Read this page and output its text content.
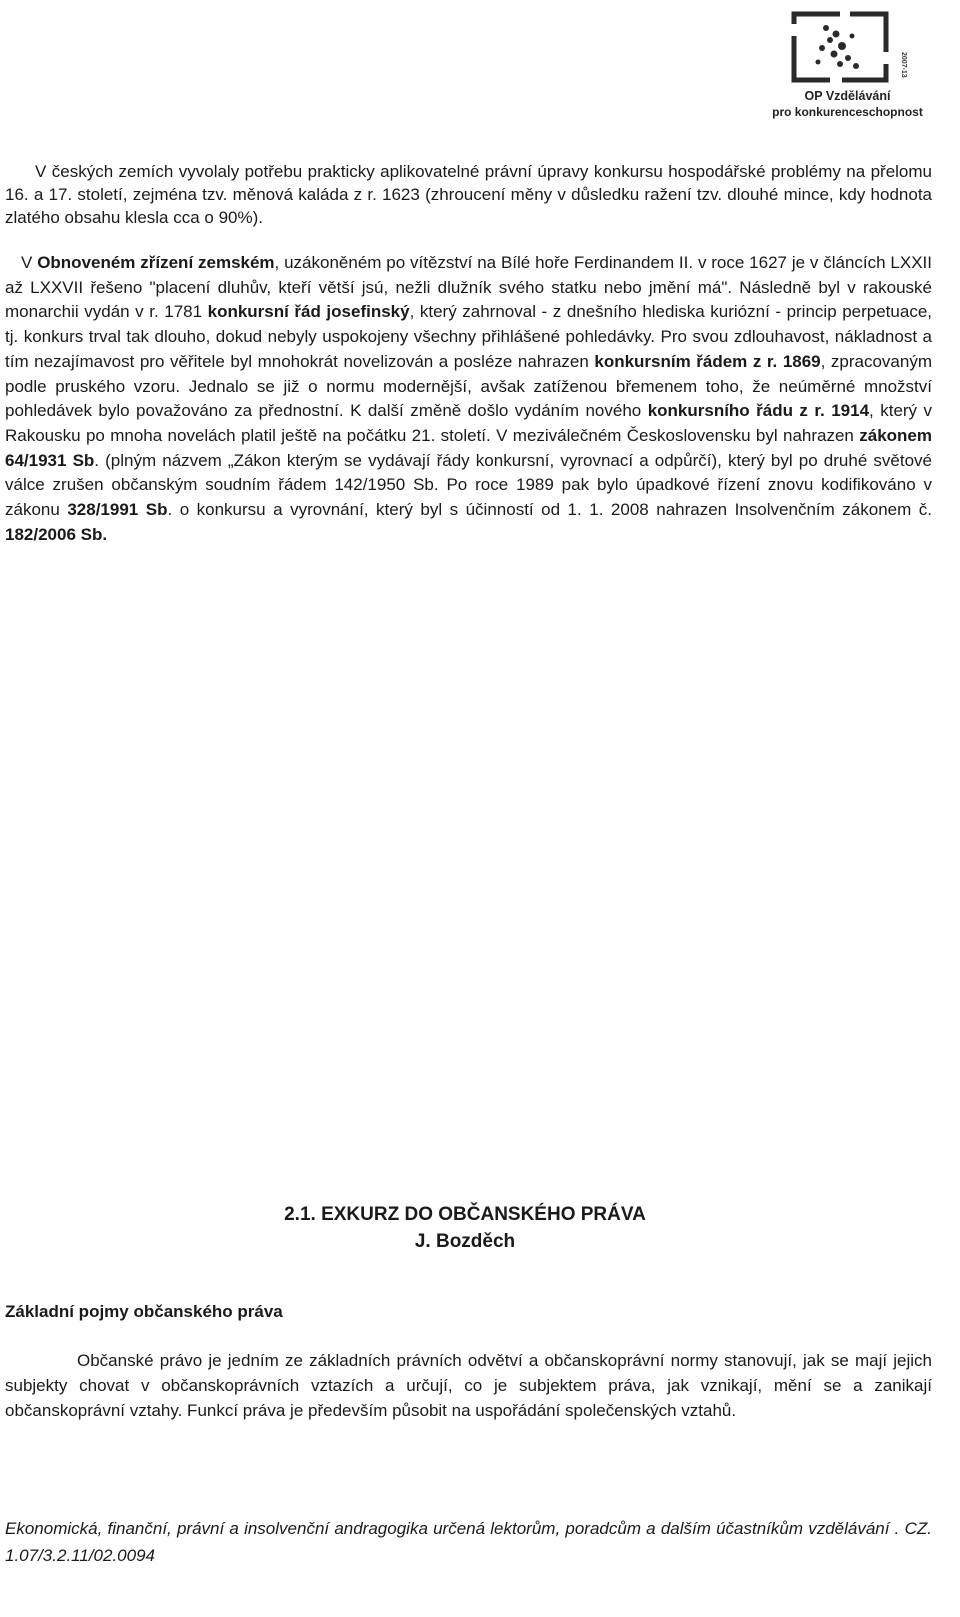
2007-13
OP Vzdělávání
pro konkurenceschopnost

V českých zemích vyvolaly potřebu prakticky aplikovatelné právní úpravy konkursu hospodářské problémy na přelomu 16. a 17. století, zejména tzv. měnová kaláda z r. 1623 (zhroucení měny v důsledku ražení tzv. dlouhé mince, kdy hodnota zlatého obsahu klesla cca o 90%).

V Obnoveném zřízení zemském, uzákoněném po vítězství na Bílé hoře Ferdinandem II. v roce 1627 je v článcích LXXII až LXXVII řešeno "placení dluhův, kteří větší jsú, nežli dlužník svého statku nebo jmění má". Následně byl v rakouské monarchii vydán v r. 1781 konkursní řád josefinský, který zahrnoval - z dnešního hlediska kuriózní - princip perpetuace, tj. konkurs trval tak dlouho, dokud nebyly uspokojeny všechny přihlášené pohledávky. Pro svou zdlouhavost, nákladnost a tím nezajímavost pro věřitele byl mnohokrát novelizován a posléze nahrazen konkursním řádem z r. 1869, zpracovaným podle pruského vzoru. Jednalo se již o normu modernější, avšak zatíženou břemenem toho, že neúměrné množství pohledávek bylo považováno za přednostní. K další změně došlo vydáním nového konkursního řádu z r. 1914, který v Rakousku po mnoha novelách platil ještě na počátku 21. století. V meziválečném Československu byl nahrazen zákonem 64/1931 Sb. (plným názvem „Zákon kterým se vydávají řády konkursní, vyrovnací a odpůrčí), který byl po druhé světové válce zrušen občanským soudním řádem 142/1950 Sb. Po roce 1989 pak bylo úpadkové řízení znovu kodifikováno v zákonu 328/1991 Sb. o konkursu a vyrovnání, který byl s účinností od 1. 1. 2008 nahrazen Insolvenčním zákonem č. 182/2006 Sb.

2.1. EXKURZ DO OBČANSKÉHO PRÁVA
J. Bozděch
Základní pojmy občanského práva

Občanské právo je jedním ze základních právních odvětví a občanskoprávní normy stanovují, jak se mají jejich subjekty chovat v občanskoprávních vztazích a určují, co je subjektem práva, jak vznikají, mění se a zanikají občanskoprávní vztahy. Funkcí práva je především působit na uspořádání společenských vztahů.

Ekonomická, finanční, právní a insolvenční andragogika určená lektorům, poradcům a dalším účastníkům vzdělávání . CZ. 1.07/3.2.11/02.0094
